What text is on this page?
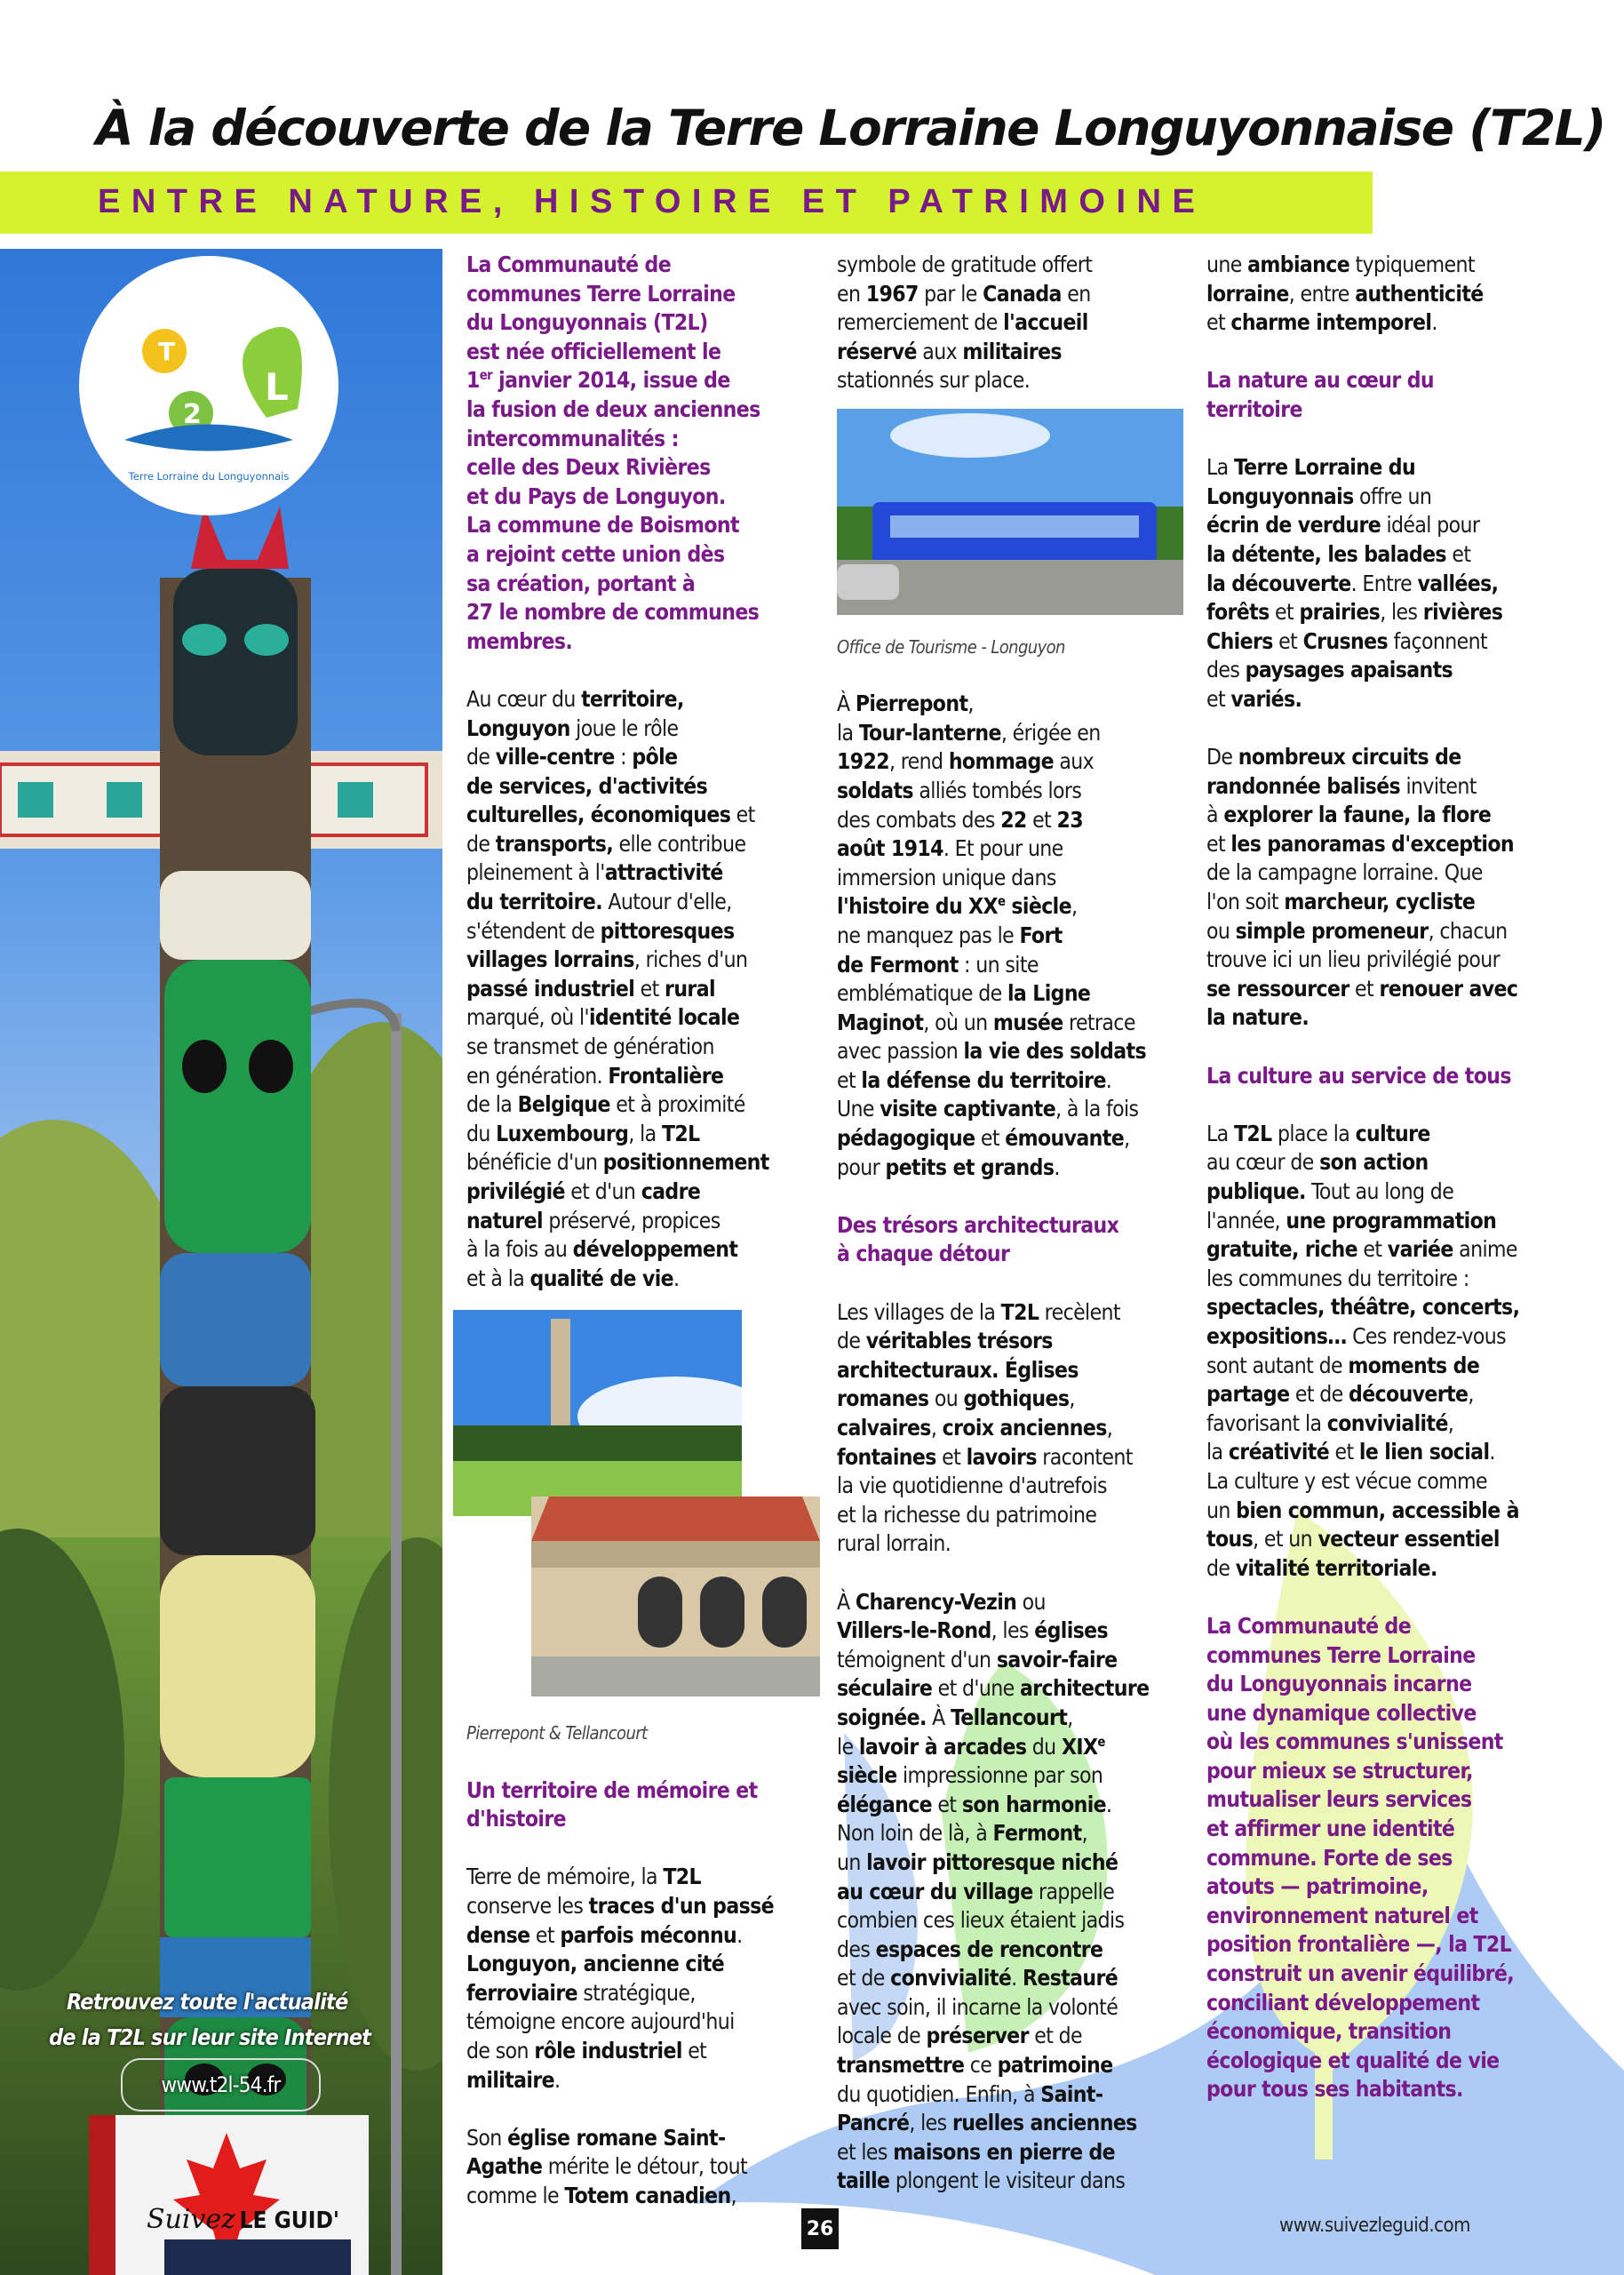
À la découverte de la Terre Lorraine Longuyonnaise (T2L)
ENTRE NATURE, HISTOIRE ET PATRIMOINE
T
2
L
Terre Lorraine du Longuyonnais
Retrouvez toute l'actualité
de la T2L sur leur site Internet
www.t2l-54.fr
Suivez LE GUID'
La Communauté de
communes Terre Lorraine
du Longuyonnais (T2L)
est née officiellement le
1er janvier 2014, issue de
la fusion de deux anciennes
intercommunalités :
celle des Deux Rivières
et du Pays de Longuyon.
La commune de Boismont
a rejoint cette union dès
sa création, portant à
27 le nombre de communes
membres.
Au cœur du territoire,
Longuyon joue le rôle
de ville-centre : pôle
de services, d'activités
culturelles, économiques et
de transports, elle contribue
pleinement à l'attractivité
du territoire. Autour d'elle,
s'étendent de pittoresques
villages lorrains, riches d'un
passé industriel et rural
marqué, où l'identité locale
se transmet de génération
en génération. Frontalière
de la Belgique et à proximité
du Luxembourg, la T2L
bénéficie d'un positionnement
privilégié et d'un cadre
naturel préservé, propices
à la fois au développement
et à la qualité de vie.
Pierrepont & Tellancourt
Un territoire de mémoire et
d'histoire
Terre de mémoire, la T2L
conserve les traces d'un passé
dense et parfois méconnu.
Longuyon, ancienne cité
ferroviaire stratégique,
témoigne encore aujourd'hui
de son rôle industriel et
militaire.
Son église romane Saint-
Agathe mérite le détour, tout
comme le Totem canadien,
symbole de gratitude offert
en 1967 par le Canada en
remerciement de l'accueil
réservé aux militaires
stationnés sur place.
Office de Tourisme - Longuyon
À Pierrepont,
la Tour-lanterne, érigée en
1922, rend hommage aux
soldats alliés tombés lors
des combats des 22 et 23
août 1914. Et pour une
immersion unique dans
l'histoire du XXe siècle,
ne manquez pas le Fort
de Fermont : un site
emblématique de la Ligne
Maginot, où un musée retrace
avec passion la vie des soldats
et la défense du territoire.
Une visite captivante, à la fois
pédagogique et émouvante,
pour petits et grands.
Des trésors architecturaux
à chaque détour
Les villages de la T2L recèlent
de véritables trésors
architecturaux. Églises
romanes ou gothiques,
calvaires, croix anciennes,
fontaines et lavoirs racontent
la vie quotidienne d'autrefois
et la richesse du patrimoine
rural lorrain.
À Charency-Vezin ou
Villers-le-Rond, les églises
témoignent d'un savoir-faire
séculaire et d'une architecture
soignée. À Tellancourt,
le lavoir à arcades du XIXe
siècle impressionne par son
élégance et son harmonie.
Non loin de là, à Fermont,
un lavoir pittoresque niché
au cœur du village rappelle
combien ces lieux étaient jadis
des espaces de rencontre
et de convivialité. Restauré
avec soin, il incarne la volonté
locale de préserver et de
transmettre ce patrimoine
du quotidien. Enfin, à Saint-
Pancré, les ruelles anciennes
et les maisons en pierre de
taille plongent le visiteur dans
une ambiance typiquement
lorraine, entre authenticité
et charme intemporel.
La nature au cœur du
territoire
La Terre Lorraine du
Longuyonnais offre un
écrin de verdure idéal pour
la détente, les balades et
la découverte. Entre vallées,
forêts et prairies, les rivières
Chiers et Crusnes façonnent
des paysages apaisants
et variés.
De nombreux circuits de
randonnée balisés invitent
à explorer la faune, la flore
et les panoramas d'exception
de la campagne lorraine. Que
l'on soit marcheur, cycliste
ou simple promeneur, chacun
trouve ici un lieu privilégié pour
se ressourcer et renouer avec
la nature.
La culture au service de tous
La T2L place la culture
au cœur de son action
publique. Tout au long de
l'année, une programmation
gratuite, riche et variée anime
les communes du territoire :
spectacles, théâtre, concerts,
expositions… Ces rendez-vous
sont autant de moments de
partage et de découverte,
favorisant la convivialité,
la créativité et le lien social.
La culture y est vécue comme
un bien commun, accessible à
tous, et un vecteur essentiel
de vitalité territoriale.
La Communauté de
communes Terre Lorraine
du Longuyonnais incarne
une dynamique collective
où les communes s'unissent
pour mieux se structurer,
mutualiser leurs services
et affirmer une identité
commune. Forte de ses
atouts — patrimoine,
environnement naturel et
position frontalière —, la T2L
construit un avenir équilibré,
conciliant développement
économique, transition
écologique et qualité de vie
pour tous ses habitants.
26	www.suivezleguid.com
